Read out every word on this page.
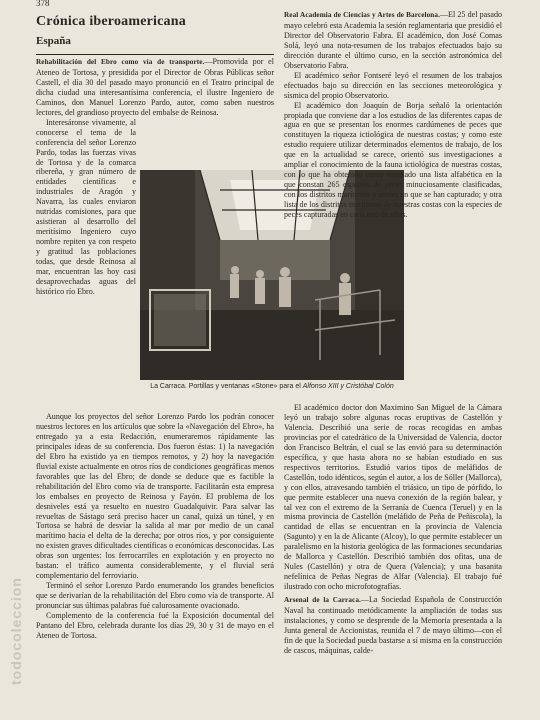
378
Crónica iberoamericana
España

Rehabilitación del Ebro como vía de transporte.—Promovida por el Ateneo de Tortosa, y presidida por el Director de Obras Públicas señor Castell, el día 30 del pasado mayo pronunció en el Teatro principal de dicha ciudad una interesantísima conferencia, el ilustre Ingeniero de Caminos, don Manuel Lorenzo Pardo, autor, como saben nuestros lectores, del grandioso proyecto del embalse de Reinosa.

Interesáronse vivamente, al conocerse el tema de la conferencia del señor Lorenzo Pardo, todas las fuerzas vivas de Tortosa y de la comarca ribereña, y gran número de entidades científicas e industriales de Aragón y Navarra, las cuales enviaron nutridas comisiones, para que asistieran al desarrollo del meritísimo Ingeniero cuyo nombre repiten ya con respeto y gratitud las poblaciones todas, que desde Reinosa al mar, encuentran las hoy casi desaprovechadas aguas del histórico río Ebro.

Aunque los proyectos del señor Lorenzo Pardo los podrán conocer nuestros lectores en los artículos que sobre la «Navegación del Ebro», ha entregado ya a esta Redacción, enumeraremos rápidamente las principales ideas de su conferencia. Dos fueron éstas: 1) la navegación del Ebro ha existido ya en tiempos remotos, y 2) hoy la navegación fluvial existe actualmente en otros ríos de condiciones geográficas menos favorables que las del Ebro; de donde se deduce que es factible la rehabilitación del Ebro como vía de transporte. Facilitarán esta empresa los embalses en proyecto de Reinosa y Fayón. El problema de los desniveles está ya resuelto en nuestro Guadalquivir. Para salvar las revueltas de Sástago será preciso hacer un canal, quizá un túnel, y en Tortosa se habrá de desviar la salida al mar por medio de un canal marítimo hacia el delta de la derecha; por otros ríos, y por consiguiente no existen graves dificultades científicas o económicas desconocidas. Las obras son urgentes: los ferrocarriles en explotación y en proyecto no bastan: el tráfico aumenta considerablemente, y el fluvial será complementario del ferroviario.

Terminó el señor Lorenzo Pardo enumerando los grandes beneficios que se derivarían de la rehabilitación del Ebro como vía de transporte. Al pronunciar sus últimas palabras fué calurosamente ovacionado.

Complemento de la conferencia fué la Exposición documental del Pantano del Ebro, celebrada durante los días 29, 30 y 31 de mayo en el Ateneo de Tortosa.

La Carraca. Portillas y ventanas «Stone» para el Alfonso XIII y Cristóbal Colón

Real Academia de Ciencias y Artes de Barcelona.—El 25 del pasado mayo celebró esta Academia la sesión reglamentaria que presidió el Director del Observatorio Fabra. El académico, don José Comas Solá, leyó una nota-resumen de los trabajos efectuados bajo su dirección durante el último curso, en la sección astronómica del Observatorio Fabra.

El académico señor Fontseré leyó el resumen de los trabajos efectuados bajo su dirección en las secciones meteorológica y sísmica del propio Observatorio.

El académico don Joaquín de Borja señaló la orientación propiada que conviene dar a los estudios de las diferentes capas de agua en que se presentan los enormes cardúmenes de peces que constituyen la riqueza ictiológica de nuestras costas; y como este estudio requiere utilizar determinados elementos de trabajo, de los que en la actualidad se carece, orientó sus investigaciones a ampliar el conocimiento de la fauna ictiológica de nuestras costas, con lo que ha obtenido como resultado una lista alfabética en la que constan 265 especies de peces minuciosamente clasificadas, con los distritos marítimos y meses en que se han capturado; y otra lista de los distritos marítimos de nuestras costas con la especies de peces capturadas en cada uno de ellos.

El académico doctor don Maximino San Miguel de la Cámara leyó un trabajo sobre algunas rocas eruptivas de Castellón y Valencia. Describió una serie de rocas recogidas en ambas provincias por el catedrático de la Universidad de Valencia, doctor don Francisco Beltrán, el cual se las envió para su determinación específica, y que hasta ahora no se habían estudiado en sus respectivos territorios. Estudió varios tipos de meláfidos de Castellón, todo idénticos, según el autor, a los de Sóller (Mallorca), y con ellos, atravesando también el triásico, un tipo de pórfido, lo que permite establecer una nueva conexión de la región balear, y tal vez con el extremo de la Serranía de Cuenca (Teruel) y en la misma provincia de Castellón (meláfido de Peña de Peñíscola), la cantidad de ellas se encuentran en la provincia de Valencia (Sagunto) y en la de Alicante (Alcoy), lo que permite establecer un paralelismo en la historia geológica de las formaciones secundarias de Mallorca y Castellón. Describió también dos ofitas, una de Nules (Castellón) y otra de Quera (Valencia); y una basanita nefelínica de Peñas Negras de Alfar (Valencia). El trabajo fué ilustrado con ocho microfotografías.

Arsenal de la Carraca.—La Sociedad Española de Construcción Naval ha continuado metódicamente la ampliación de todas sus instalaciones, y como se desprende de la Memoria presentada a la Junta general de Accionistas, reunida el 7 de mayo último—con el fin de que la Sociedad pueda bastarse a sí misma en la construcción de cascos, máquinas, calde-

todocoleccion
